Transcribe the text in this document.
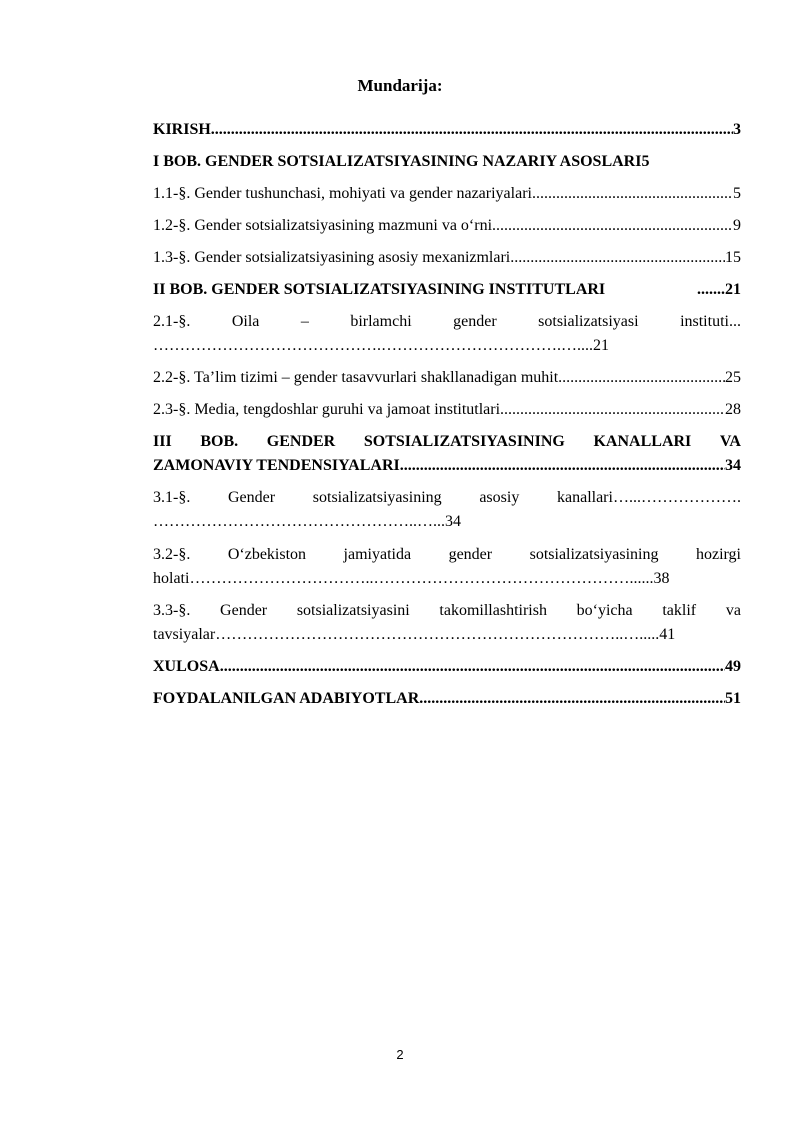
Mundarija:
KIRISH .....	3
I BOB. GENDER SOTSIALIZATSIYASINING NAZARIY ASOSLARI 5
1.1-§. Gender tushunchasi, mohiyati va gender nazariyalari .....	5
1.2-§. Gender sotsializatsiyasining mazmuni va o‘rni .....	9
1.3-§. Gender sotsializatsiyasining asosiy mexanizmlari .....	15
II BOB. GENDER SOTSIALIZATSIYASINING INSTITUTLARI	.......21
2.1-§.	Oila	–	birlamchi	gender	sotsializatsiyasi	instituti...
…………………………………….…………………………….…....21
2.2-§. Ta’lim tizimi – gender tasavvurlari shakllanadigan muhit .....	25
2.3-§. Media, tengdoshlar guruhi va jamoat institutlari .....	28
III BOB. GENDER SOTSIALIZATSIYASINING KANALLARI VA
ZAMONAVIY TENDENSIYALARI .....	34
3.1-§. Gender sotsializatsiyasining asosiy kanallari…...……………….
…………………………………………..…...34
3.2-§. O‘zbekiston jamiyatida gender sotsializatsiyasining hozirgi
holati ……………………………..…………………………………………......38
3.3-§. Gender sotsializatsiyasini takomillashtirish bo‘yicha taklif va
tavsiyalar …………………………………………………………………..….....41
XULOSA .....	49
FOYDALANILGAN ADABIYOTLAR .....	51
2
